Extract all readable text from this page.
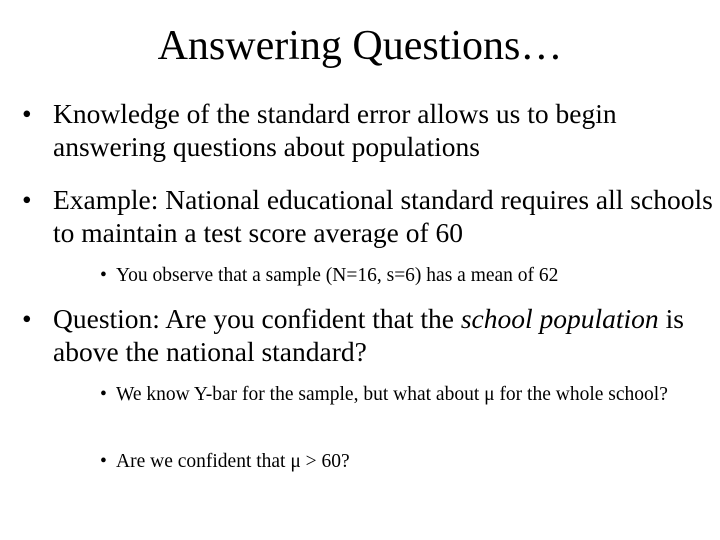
Answering Questions…
• Knowledge of the standard error allows us to begin answering questions about populations
• Example: National educational standard requires all schools to maintain a test score average of 60
• You observe that a sample (N=16, s=6) has a mean of 62
• Question: Are you confident that the school population is above the national standard?
• We know Y-bar for the sample, but what about μ for the whole school?
• Are we confident that μ > 60?
